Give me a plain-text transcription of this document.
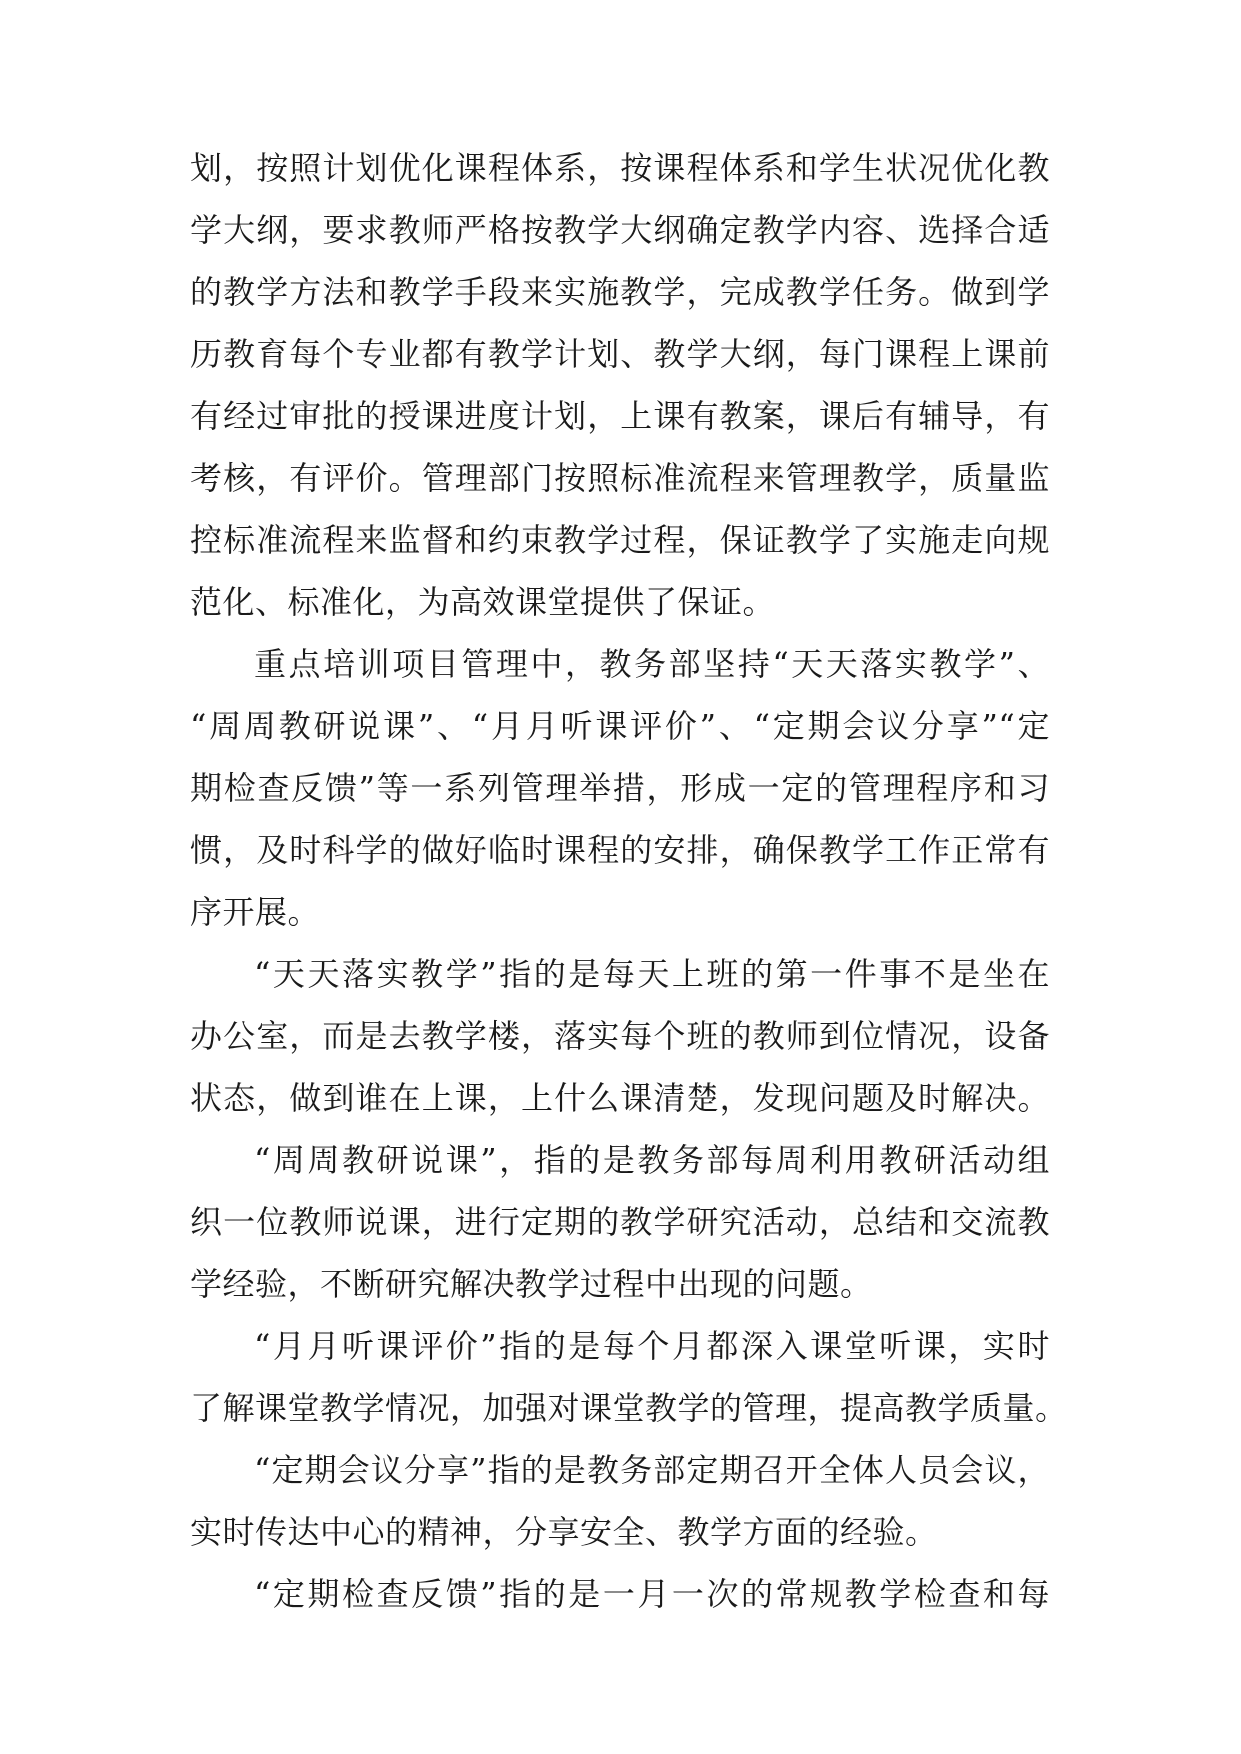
划，按照计划优化课程体系，按课程体系和学生状况优化教
学大纲，要求教师严格按教学大纲确定教学内容、选择合适
的教学方法和教学手段来实施教学，完成教学任务。做到学
历教育每个专业都有教学计划、教学大纲，每门课程上课前
有经过审批的授课进度计划，上课有教案，课后有辅导，有
考核，有评价。管理部门按照标准流程来管理教学，质量监
控标准流程来监督和约束教学过程，保证教学了实施走向规
范化、标准化，为高效课堂提供了保证。
重点培训项目管理中，教务部坚持“天天落实教学”、
“周周教研说课”、“月月听课评价”、“定期会议分享”“定
期检查反馈”等一系列管理举措，形成一定的管理程序和习
惯，及时科学的做好临时课程的安排，确保教学工作正常有
序开展。
“天天落实教学”指的是每天上班的第一件事不是坐在
办公室，而是去教学楼，落实每个班的教师到位情况，设备
状态，做到谁在上课，上什么课清楚，发现问题及时解决。
“周周教研说课”，指的是教务部每周利用教研活动组
织一位教师说课，进行定期的教学研究活动，总结和交流教
学经验，不断研究解决教学过程中出现的问题。
“月月听课评价”指的是每个月都深入课堂听课，实时
了解课堂教学情况，加强对课堂教学的管理，提高教学质量。
“定期会议分享”指的是教务部定期召开全体人员会议，
实时传达中心的精神，分享安全、教学方面的经验。
“定期检查反馈”指的是一月一次的常规教学检查和每
